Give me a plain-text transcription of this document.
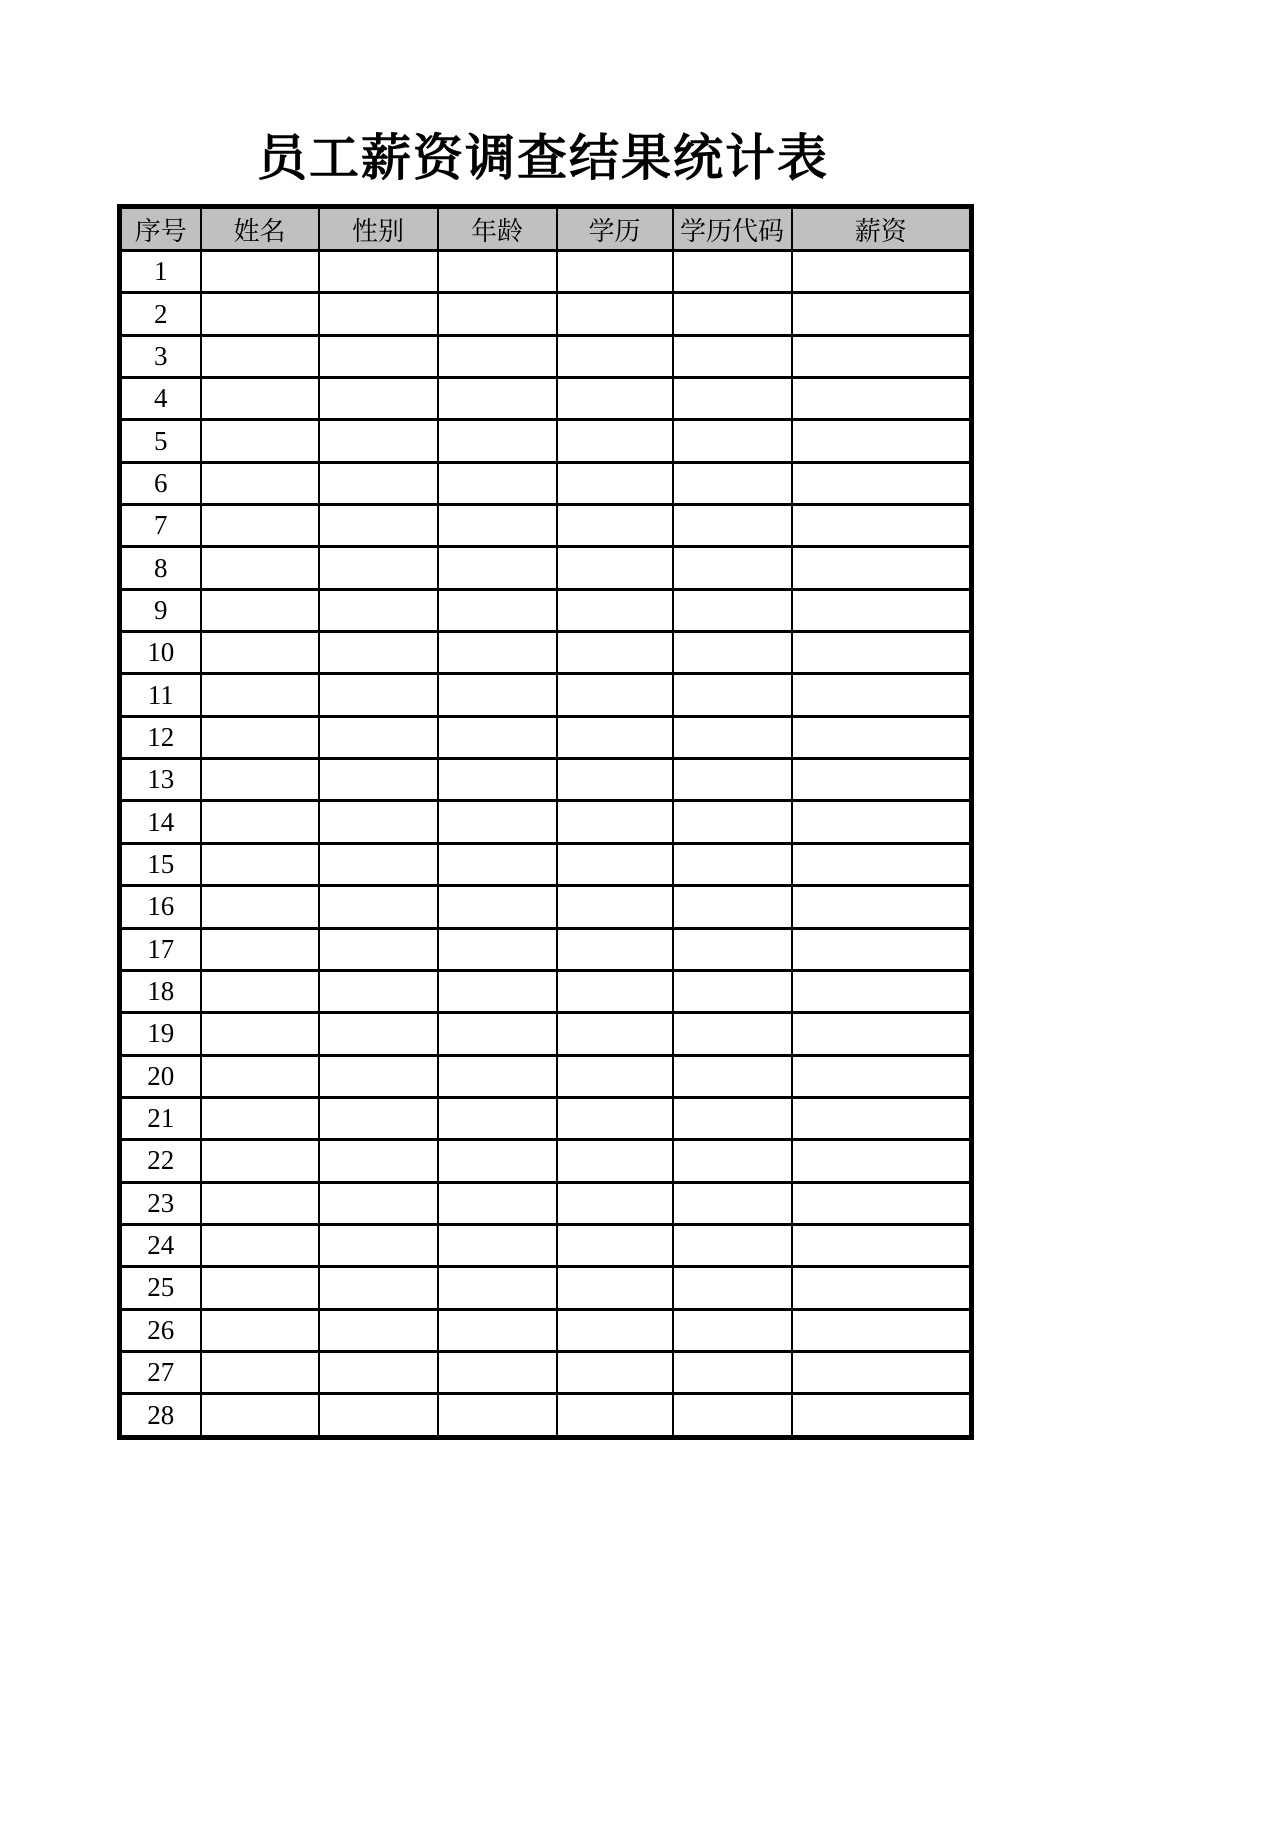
员工薪资调查结果统计表
序号	姓名	性别	年龄	学历	学历代码	薪资
1						
2						
3						
4						
5						
6						
7						
8						
9						
10						
11						
12						
13						
14						
15						
16						
17						
18						
19						
20						
21						
22						
23						
24						
25						
26						
27						
28						
